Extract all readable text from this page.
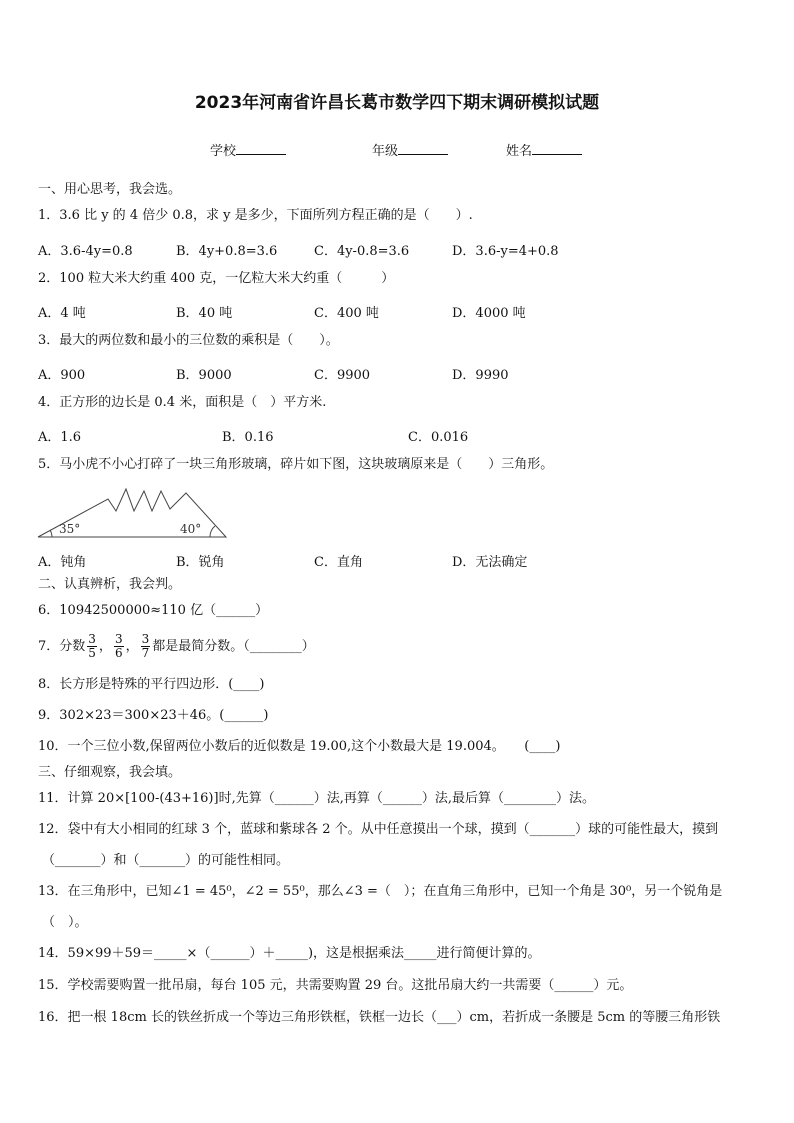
2023年河南省许昌长葛市数学四下期末调研模拟试题
学校	年级	姓名
一、用心思考，我会选。
1．3.6 比 y 的 4 倍少 0.8，求 y 是多少，下面所列方程正确的是（　　）.
A．3.6-4y=0.8	B．4y+0.8=3.6	C．4y-0.8=3.6	D．3.6-y=4+0.8
2．100 粒大米大约重 400 克，一亿粒大米大约重（　　　）
A．4 吨	B．40 吨	C．400 吨	D．4000 吨
3．最大的两位数和最小的三位数的乘积是（　　）。
A．900	B．9000	C．9900	D．9990
4．正方形的边长是 0.4 米，面积是（　）平方米.
A．1.6	B．0.16	C．0.016
5．马小虎不小心打碎了一块三角形玻璃，碎片如下图，这块玻璃原来是（　　）三角形。
35°	40°
A．钝角	B．锐角	C．直角	D．无法确定
二、认真辨析，我会判。
6．10942500000≈110 亿（______）
7．分数 $\frac{3}{5}$ ， $\frac{3}{6}$ ， $\frac{3}{7}$ 都是最简分数。（________）
8．长方形是特殊的平行四边形．(____)
9．302×23＝300×23＋46。(______)
10．一个三位小数,保留两位小数后的近似数是 19.00,这个小数最大是 19.004。　　(____)
三、仔细观察，我会填。
11．计算 20×[100-(43+16)]时,先算（______）法,再算（______）法,最后算（________）法。
12．袋中有大小相同的红球 3 个，蓝球和紫球各 2 个。从中任意摸出一个球，摸到（_______）球的可能性最大，摸到
（_______）和（_______）的可能性相同。
13．在三角形中，已知∠1 = 45⁰，∠2 = 55⁰，那么∠3 =（　）；在直角三角形中，已知一个角是 30⁰，另一个锐角是
（　）。
14．59×99＋59＝_____×（______）＋_____)，这是根据乘法_____进行简便计算的。
15．学校需要购置一批吊扇，每台 105 元，共需要购置 29 台。这批吊扇大约一共需要（______）元。
16．把一根 18cm 长的铁丝折成一个等边三角形铁框，铁框一边长（___）cm，若折成一条腰是 5cm 的等腰三角形铁
